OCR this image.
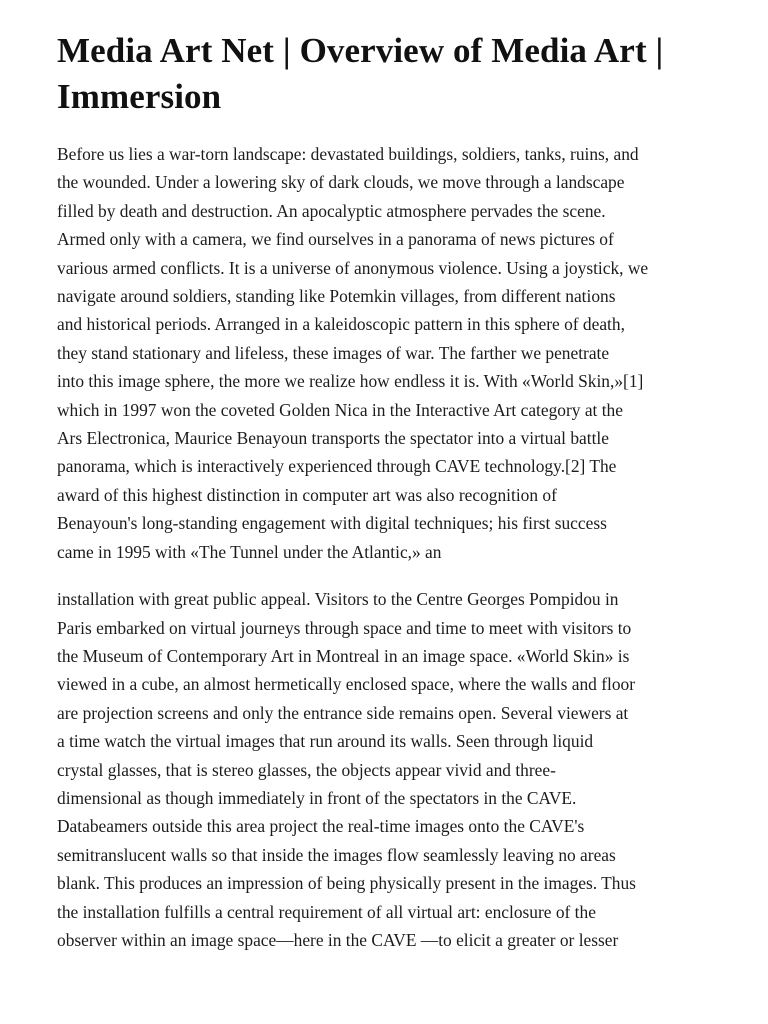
Media Art Net | Overview of Media Art |
Immersion

Before us lies a war-torn landscape: devastated buildings, soldiers, tanks, ruins, and
the wounded. Under a lowering sky of dark clouds, we move through a landscape
filled by death and destruction. An apocalyptic atmosphere pervades the scene.
Armed only with a camera, we find ourselves in a panorama of news pictures of
various armed conflicts. It is a universe of anonymous violence. Using a joystick, we
navigate around soldiers, standing like Potemkin villages, from different nations
and historical periods. Arranged in a kaleidoscopic pattern in this sphere of death,
they stand stationary and lifeless, these images of war. The farther we penetrate
into this image sphere, the more we realize how endless it is. With «World Skin,»[1]
which in 1997 won the coveted Golden Nica in the Interactive Art category at the
Ars Electronica, Maurice Benayoun transports the spectator into a virtual battle
panorama, which is interactively experienced through CAVE technology.[2] The
award of this highest distinction in computer art was also recognition of
Benayoun's long-standing engagement with digital techniques; his first success
came in 1995 with «The Tunnel under the Atlantic,» an

installation with great public appeal. Visitors to the Centre Georges Pompidou in
Paris embarked on virtual journeys through space and time to meet with visitors to
the Museum of Contemporary Art in Montreal in an image space. «World Skin» is
viewed in a cube, an almost hermetically enclosed space, where the walls and floor
are projection screens and only the entrance side remains open. Several viewers at
a time watch the virtual images that run around its walls. Seen through liquid
crystal glasses, that is stereo glasses, the objects appear vivid and three-
dimensional as though immediately in front of the spectators in the CAVE.
Databeamers outside this area project the real-time images onto the CAVE's
semitranslucent walls so that inside the images flow seamlessly leaving no areas
blank. This produces an impression of being physically present in the images. Thus
the installation fulfills a central requirement of all virtual art: enclosure of the
observer within an image space—here in the CAVE —to elicit a greater or lesser
